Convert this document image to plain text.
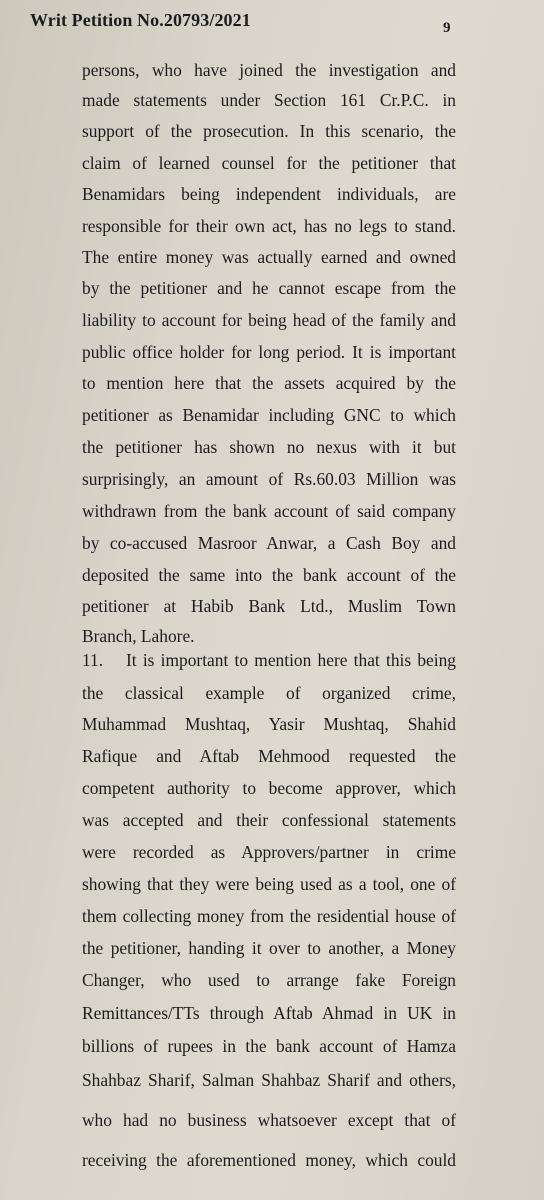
Writ Petition No.20793/2021	9
persons, who have joined the investigation and
made statements under Section 161 Cr.P.C. in
support of the prosecution. In this scenario, the
claim of learned counsel for the petitioner that
Benamidars being independent individuals, are
responsible for their own act, has no legs to stand.
The entire money was actually earned and owned
by the petitioner and he cannot escape from the
liability to account for being head of the family and
public office holder for long period. It is important
to mention here that the assets acquired by the
petitioner as Benamidar including GNC to which
the petitioner has shown no nexus with it but
surprisingly, an amount of Rs.60.03 Million was
withdrawn from the bank account of said company
by co-accused Masroor Anwar, a Cash Boy and
deposited the same into the bank account of the
petitioner at Habib Bank Ltd., Muslim Town
Branch, Lahore.
11. It is important to mention here that this being
the classical example of organized crime,
Muhammad Mushtaq, Yasir Mushtaq, Shahid
Rafique and Aftab Mehmood requested the
competent authority to become approver, which
was accepted and their confessional statements
were recorded as Approvers/partner in crime
showing that they were being used as a tool, one of
them collecting money from the residential house of
the petitioner, handing it over to another, a Money
Changer, who used to arrange fake Foreign
Remittances/TTs through Aftab Ahmad in UK in
billions of rupees in the bank account of Hamza
Shahbaz Sharif, Salman Shahbaz Sharif and others,
who had no business whatsoever except that of
receiving the aforementioned money, which could
